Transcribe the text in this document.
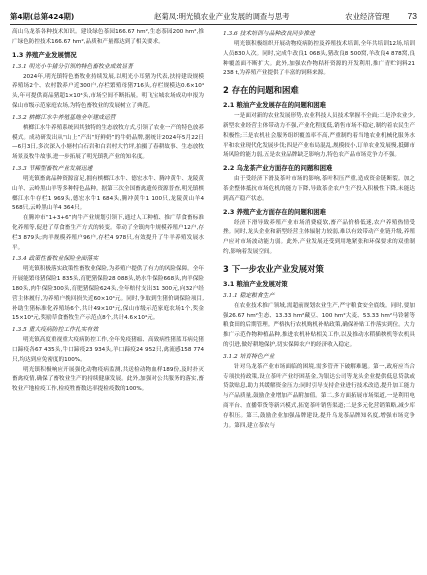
第4期(总第424期)	赵菊凤:明光镇农业产业发展的调查与思考	农业经济管理 73

高山乌龙茶各种技术知识。建设绿色茶园166.67 hm²,生态茶园200 hm²,推广绿色防控技术166.67 hm²,品质和产量都达到了相关要求。

1.3 养殖产业发展情况
1.3.1 明光小牛猪分引领的特色畜牧业成效显著

2024年,明光镇特色畜牧业持续发展,以明光小耳猪为代表,扶持建设规模养殖场2个、农村散养户近300户,存栏繁殖母猪716头,存栏规模达0.6×10⁴头,年可提供商品猪超1×10⁴头,市场空间不断拓展。明飞宝城农场成功申报为保山市级示范家庭农场,为特色畜牧业的发展树立了典范。

1.3.2 槟榔江水牛养殖基地全年建成运营

槟榔江水牛养殖系统因其独特的生态放牧方式,引领了农业一产的特色放养模式。成功研发出从“山上”产出“好鲜奶”的牛奶品牌,据统计2024年5月22日—6月3日,多次深入小塘村白石岩和白岩村大竹坪,拍摄了春耕故事、生态放牧场景及牧牛故事,进一步拓展了明光镇乳产业的知名度。

1.3.3 节稀型畜牧产业发展迅速

明光镇畜禽品种资源富足,拥有槟榔江水牛、德宏水牛、腾冲黄牛、龙陵黄山羊、云岭黑山羊等多种特色品种。据第三次全国畜禽遗传资源普查,明光镇槟榔江水牛存栏1 969头,德宏水牛1 684头,腾冲黄牛1 100只,龙陵黄山羊4 568只,云岭黑山羊4 364只。

在腾冲市“1+3+6”肉牛产业规划引领下,通过人工种植、推广草食畜标准化养殖等,促进了草食畜生产方式的转变。带动了全镇肉牛规模养殖户12户,存栏3 879头;肉羊规模养殖户96户,存栏4 978只,有效提升了牛羊养殖发展水平。

1.3.4 政策性畜牧业保险全面落实

明光镇积极落实政策性畜牧业保险,为养殖户提供了有力的风险保障。全年开展能繁母猪保险1 835头,育肥猪保险28 088头,奶水牛保险668头,肉羊保险180头,肉牛保险300头,育肥猪保险624头,全年赔付支出31 300元,向32户经营主体履行,为养殖户挽回损失近60×10⁴元。同时,争取到生猪价调保险项目,补助生猪标准化养殖场6个,共计49×10⁴元,保山市级示范家庭农场1个,奖金15×10⁴元,奖励草食畜牧生产示范点8个,共计4.6×10⁴元。

1.3.5 重大疫病防控工作扎实有效

明光镇高度重视重大疫病防控工作,全年免疫猪瘟、高致病性猪蓝耳病兑猪口蹄疫各67 435头,牛口蹄疫23 934头,羊口蹄疫24 952只,禽流感158 774只,均达到应免密度的100%。

明光镇积极响应开展强化动物疫病监测,共送检动物血样189份,及时扑灭畜禽疫情,确保了畜牧业生产的持续健康发展。此外,加强对公共服务的落实,畜牧业产地检疫工作,检疫牲畜数达率提检疫数的100%。

1.3.6 技术培训与品种改良同步推进

明光镇积极组织开展动物疫病防控及养殖技术培训,全年共培训12场,培训人员830人次。同时,完成牛改良1 068头,猪改良8 500窝,羊改良4 878窝,良种覆盖面不断扩大。此外,加强农作物秸秆资源的开发利用,推广青贮饲料21 238 t,为养殖产业提供了丰富的饲料来源。

2 存在的问题和困难
2.1 粮油产业发展存在的问题和困难

一是面对新的农业发展形势,农业科技人员技术掌握不全面;二是净农业少,新型农业经营主体带动力不强,产业化程度低,销售市场不稳定,制约着农民生产积极性;三是农机社会服务组织覆盖率不高,严重制约着当地农业机械化服务水平和农业现代化发展步伐;四是产业布局混乱,规模较小,订单农业发展慢,抵御市场风险的能力弱,五是农业品牌缺乏影响力,特色农产品市场竞争力不强。

2.2 乌龙茶产业方面存在的问题和困难

由于受经济下滑及茶叶市场的影响,茶叶积压严重,造成资金链断裂。加之茶企整体抵抗市场危机的能力下降,导致茶企农户生产投入积极性下降,未能达到高产稳产状态。

2.3 养殖产业方面存在的问题和困难

经济下滑导致养殖产业市场消费疲软,畜产品价格低迷,农户养殖热情受挫。同时,龙头企业和新型经营主体辐射力较弱,难以有效带动产业链升级,养殖户应对市场波动能力弱。此外,产业发展还受到用地紧张和环保要求的双重制约,影响着发展空间。

3 下一步农业产业发展对策
3.1 粮油产业发展对策
3.1.1 稳定粮食生产

在农业技术推广领域,需超前规划农业生产,严守粮食安全底线。同时,要加强26.67 hm²生态、13.33 hm²藏豆、100 hm²大麦、53.33 hm²马铃薯等粮食田的后期管理。严格执行农机购机补贴政策,确保补贴工作落实到位。大力推广示范作物种植品种,推进农机补贴相关工作,以及推动水稻插秧机等农机具的引进,做好耕地保护,切实保障农户的经济收入稳定。

3.1.2 培育特色产业

针对乌龙茶产业市场面临的困境,需多管齐下破解难题。第一,政府应当合专项扶持政策,设立茶叶产业纾困基金,为银达公司等龙头企业提供低息贷款或贷款贴息,助力其缓解资金压力;同时引导支持企业进行技术改造,提升加工能力与产品质量,鼓励企业增加产品附加值。第二,多方面拓展市场渠道,一是利用电商平台、直播带货等新兴模式,拓宽茶叶销售渠道;二是多元化营销策略,减少库存积压。第三,鼓励企业加强品牌建设,提升乌龙茶品牌知名度,增强市场竞争力。第四,建立茶农与
